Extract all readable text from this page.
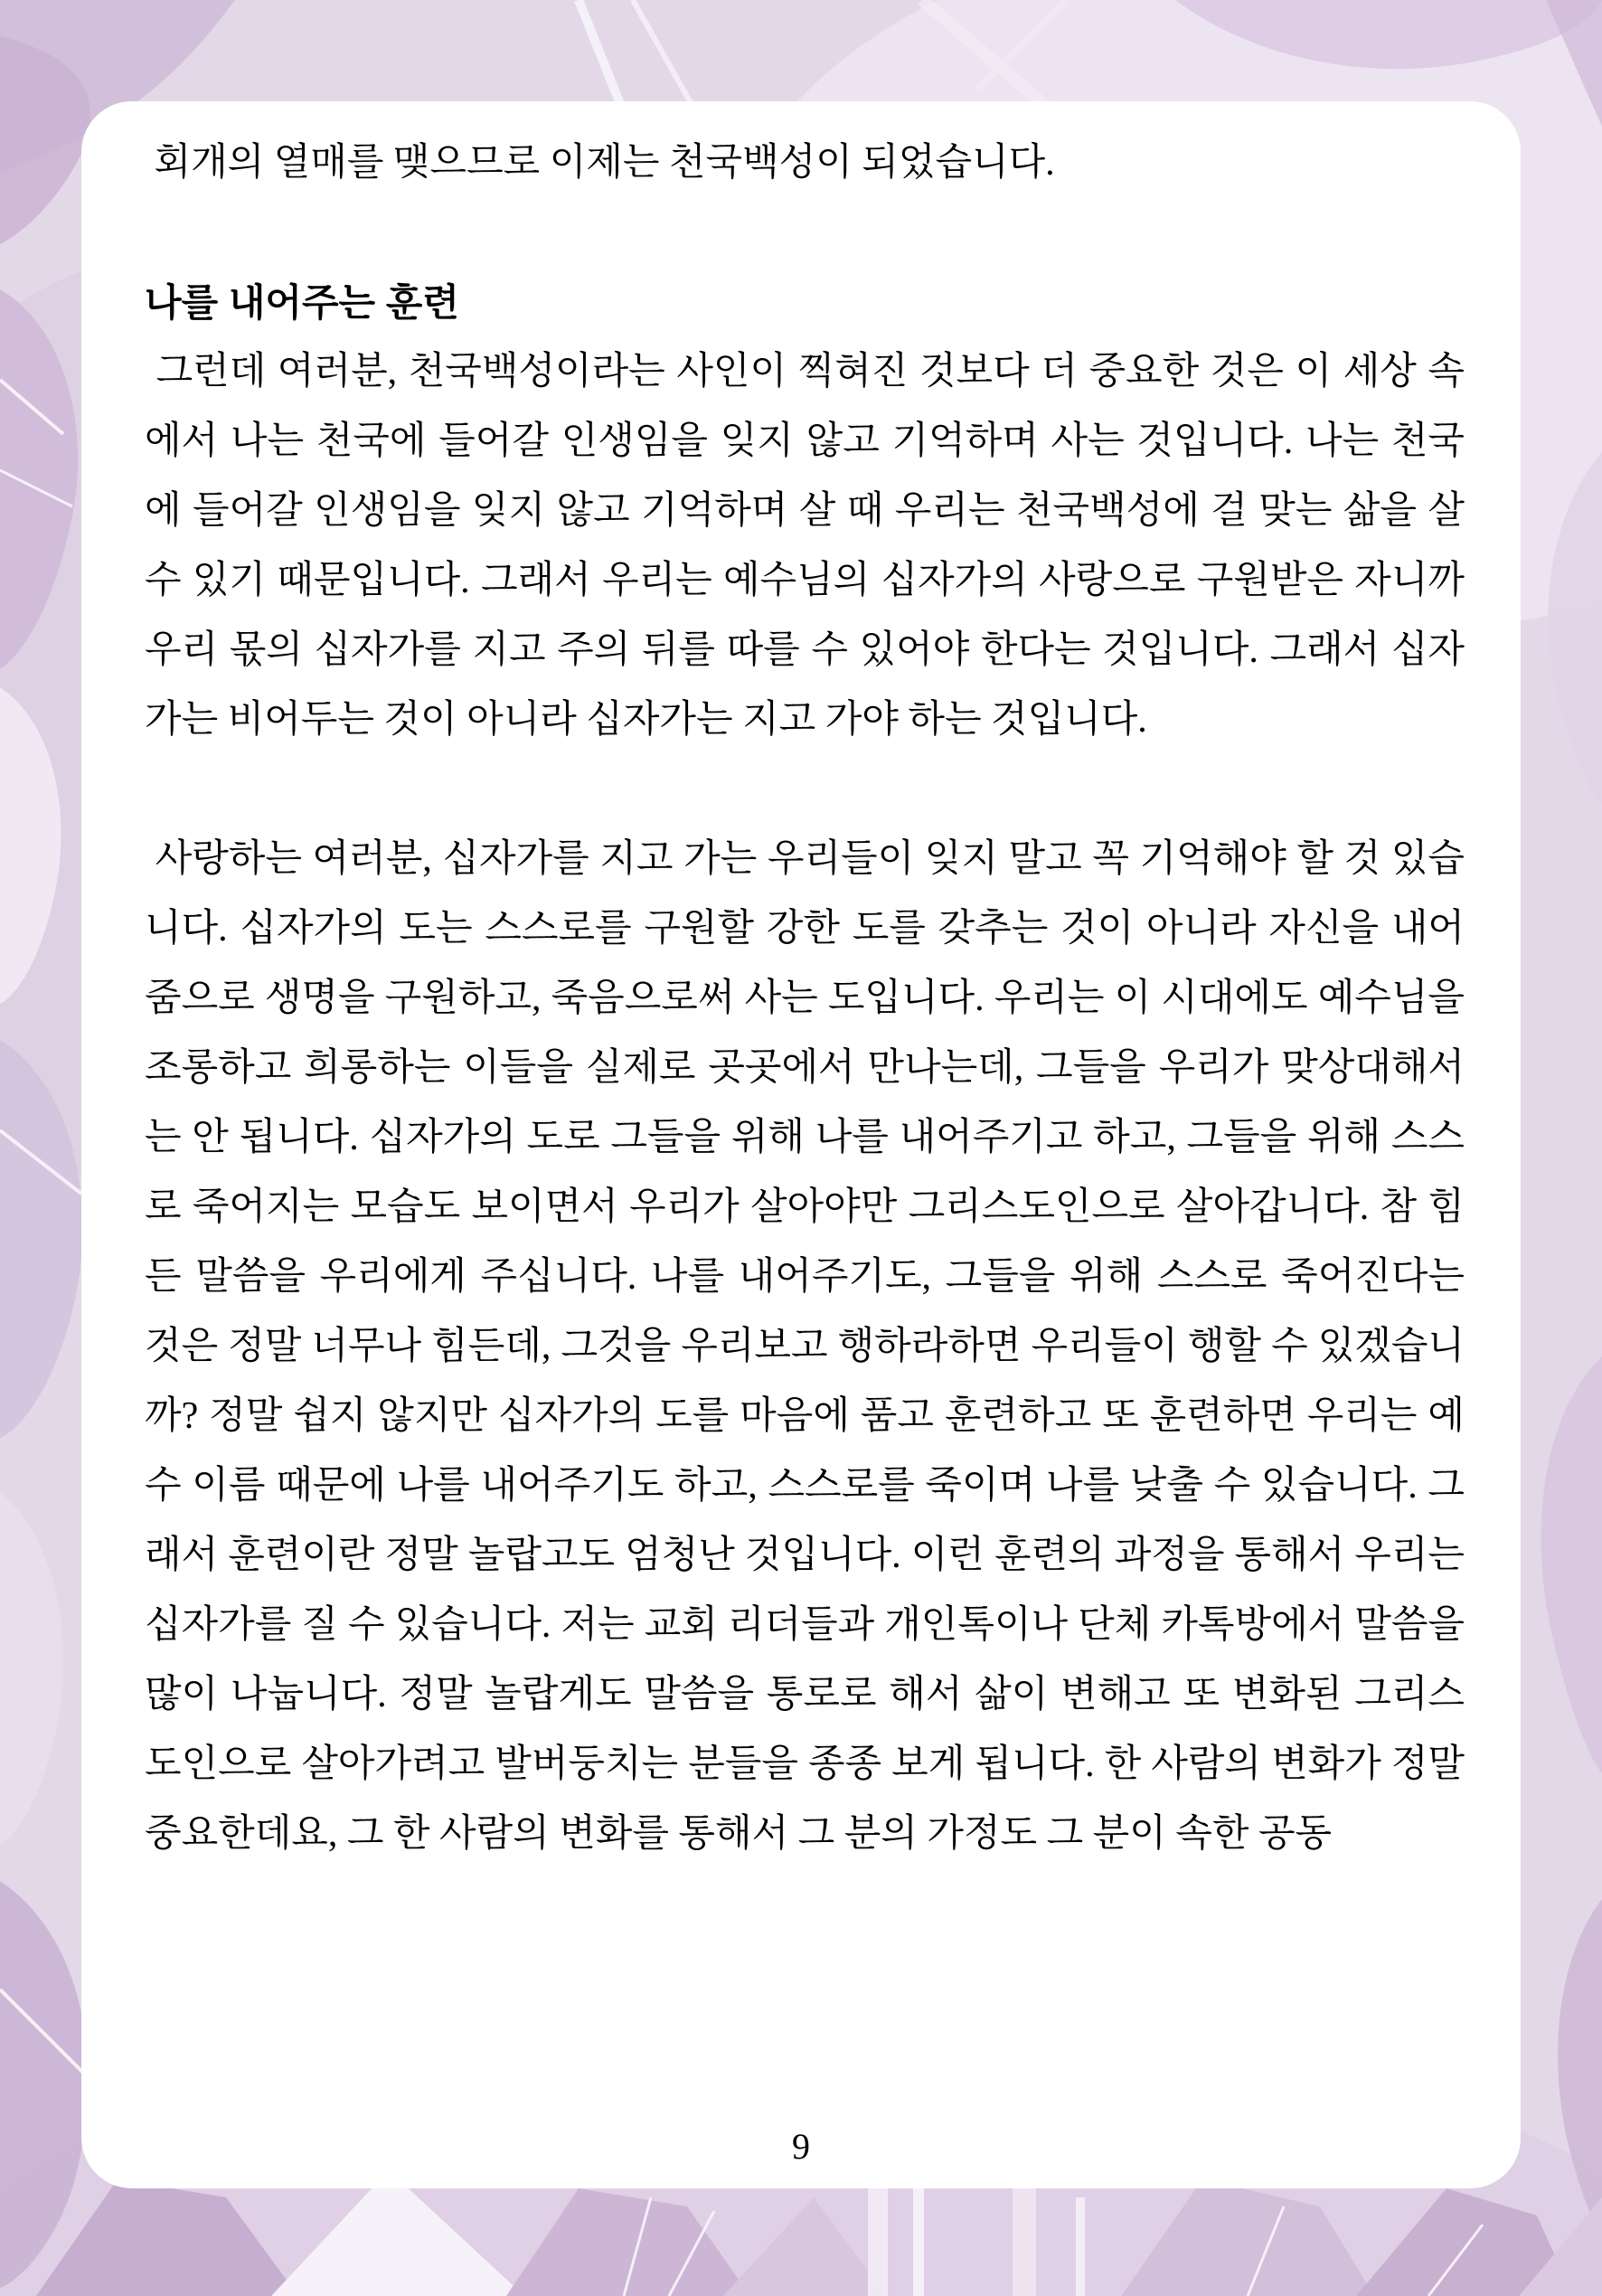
회개의 열매를 맺으므로 이제는 천국백성이 되었습니다.

나를 내어주는 훈련

그런데 여러분, 천국백성이라는 사인이 찍혀진 것보다 더 중요한 것은 이 세상 속에서 나는 천국에 들어갈 인생임을 잊지 않고 기억하며 사는 것입니다. 나는 천국에 들어갈 인생임을 잊지 않고 기억하며 살 때 우리는 천국백성에 걸 맞는 삶을 살 수 있기 때문입니다. 그래서 우리는 예수님의 십자가의 사랑으로 구원받은 자니까 우리 몫의 십자가를 지고 주의 뒤를 따를 수 있어야 한다는 것입니다. 그래서 십자가는 비어두는 것이 아니라 십자가는 지고 가야 하는 것입니다.

사랑하는 여러분, 십자가를 지고 가는 우리들이 잊지 말고 꼭 기억해야 할 것 있습니다. 십자가의 도는 스스로를 구원할 강한 도를 갖추는 것이 아니라 자신을 내어줌으로 생명을 구원하고, 죽음으로써 사는 도입니다. 우리는 이 시대에도 예수님을 조롱하고 희롱하는 이들을 실제로 곳곳에서 만나는데, 그들을 우리가 맞상대해서는 안 됩니다. 십자가의 도로 그들을 위해 나를 내어주기고 하고, 그들을 위해 스스로 죽어지는 모습도 보이면서 우리가 살아야만 그리스도인으로 살아갑니다. 참 힘든 말씀을 우리에게 주십니다. 나를 내어주기도, 그들을 위해 스스로 죽어진다는 것은 정말 너무나 힘든데, 그것을 우리보고 행하라하면 우리들이 행할 수 있겠습니까? 정말 쉽지 않지만 십자가의 도를 마음에 품고 훈련하고 또 훈련하면 우리는 예수 이름 때문에 나를 내어주기도 하고, 스스로를 죽이며 나를 낮출 수 있습니다. 그래서 훈련이란 정말 놀랍고도 엄청난 것입니다. 이런 훈련의 과정을 통해서 우리는 십자가를 질 수 있습니다. 저는 교회 리더들과 개인톡이나 단체 카톡방에서 말씀을 많이 나눕니다. 정말 놀랍게도 말씀을 통로로 해서 삶이 변해고 또 변화된 그리스도인으로 살아가려고 발버둥치는 분들을 종종 보게 됩니다. 한 사람의 변화가 정말 중요한데요, 그 한 사람의 변화를 통해서 그 분의 가정도 그 분이 속한 공동

9
